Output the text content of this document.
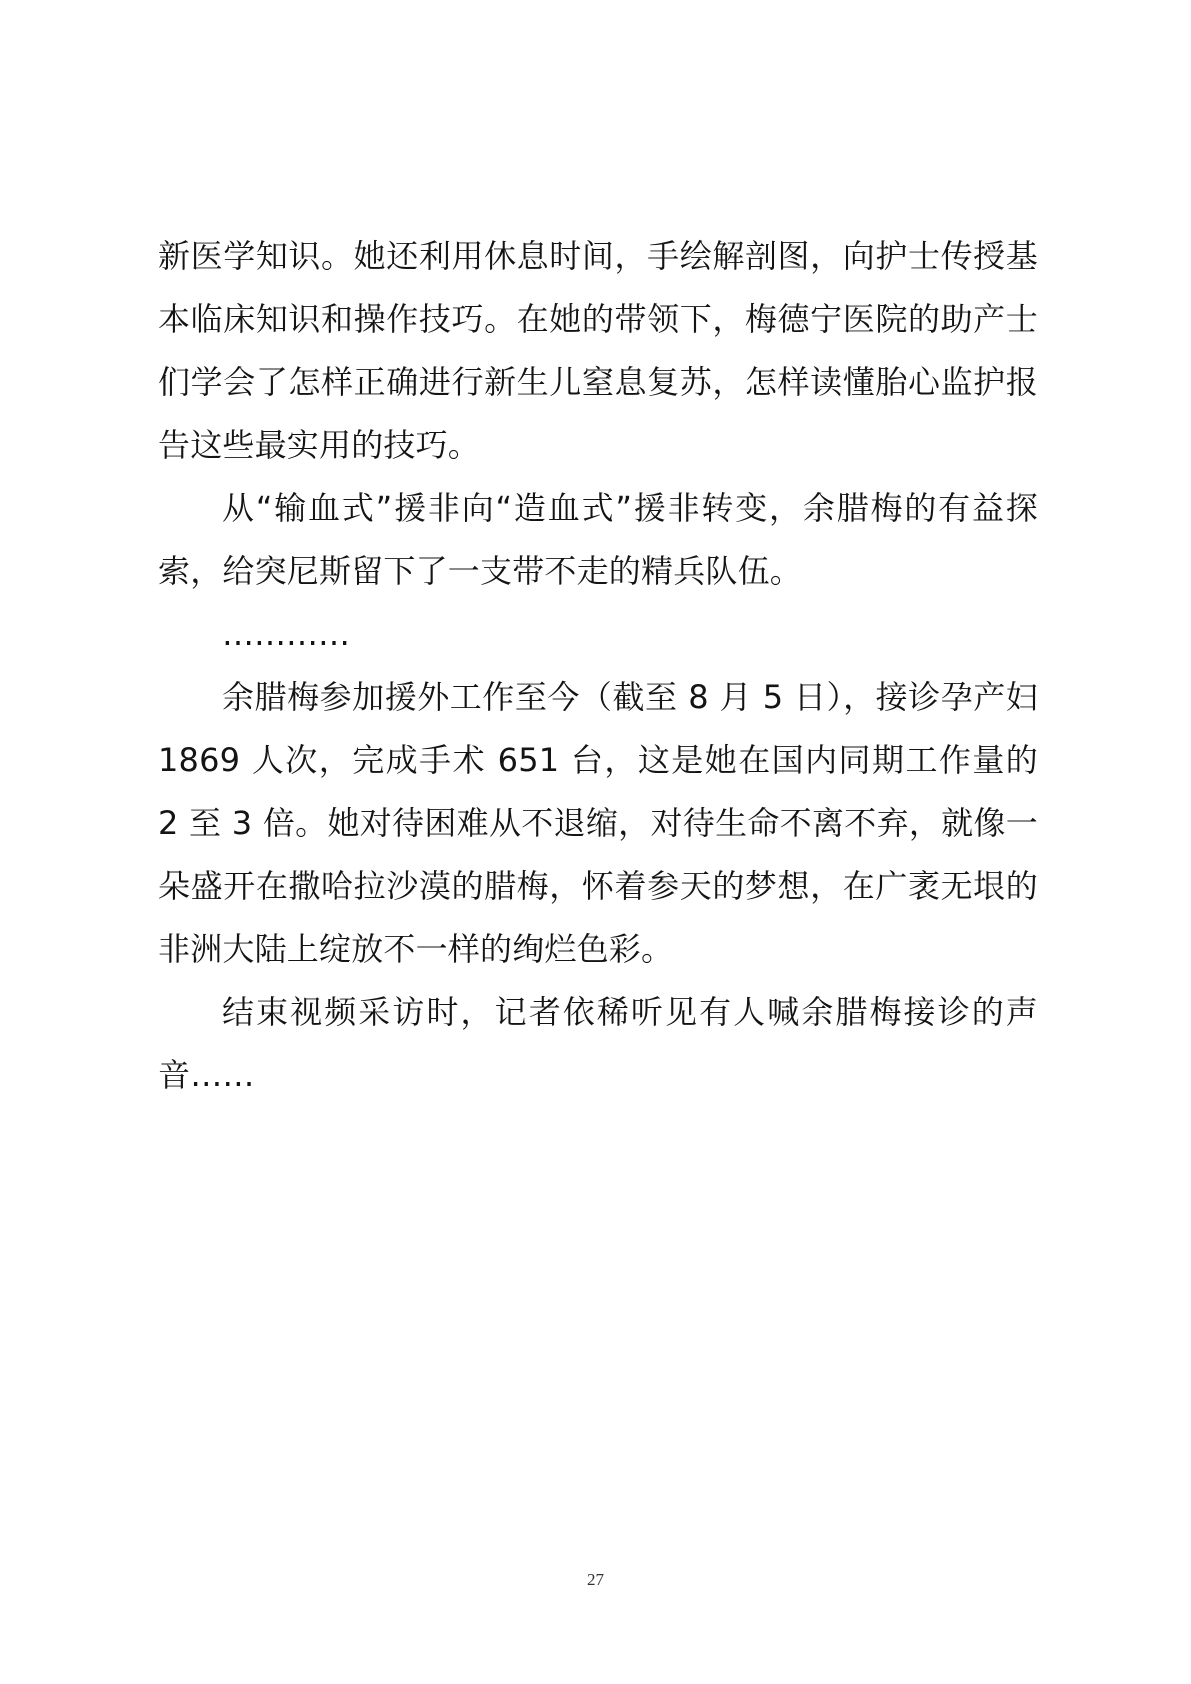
新医学知识。她还利用休息时间，手绘解剖图，向护士传授基本临床知识和操作技巧。在她的带领下，梅德宁医院的助产士们学会了怎样正确进行新生儿窒息复苏，怎样读懂胎心监护报告这些最实用的技巧。

从“输血式”援非向“造血式”援非转变，余腊梅的有益探索，给突尼斯留下了一支带不走的精兵队伍。

…………

余腊梅参加援外工作至今（截至 8 月 5 日），接诊孕产妇 1869 人次，完成手术 651 台，这是她在国内同期工作量的 2 至 3 倍。她对待困难从不退缩，对待生命不离不弃，就像一朵盛开在撒哈拉沙漠的腊梅，怀着参天的梦想，在广袤无垠的非洲大陆上绽放不一样的绚烂色彩。

结束视频采访时，记者依稀听见有人喊余腊梅接诊的声音……

27
